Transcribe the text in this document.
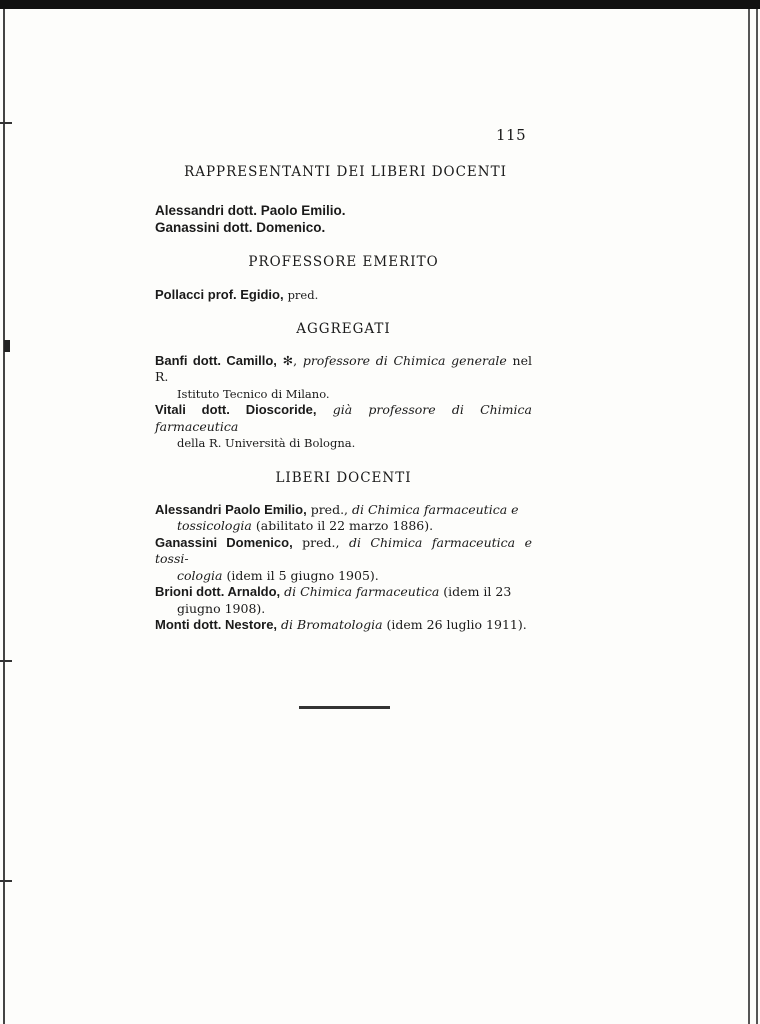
115
RAPPRESENTANTI DEI LIBERI DOCENTI
Alessandri dott. Paolo Emilio.
Ganassini dott. Domenico.
PROFESSORE EMERITO
Pollacci prof. Egidio, pred.
AGGREGATI
Banfi dott. Camillo, ✻, professore di Chimica generale nel R.
Istituto Tecnico di Milano.
Vitali dott. Dioscoride, già professore di Chimica farmaceutica
della R. Università di Bologna.
LIBERI DOCENTI
Alessandri Paolo Emilio, pred., di Chimica farmaceutica e
tossicologia (abilitato il 22 marzo 1886).
Ganassini Domenico, pred., di Chimica farmaceutica e tossi-
cologia (idem il 5 giugno 1905).
Brioni dott. Arnaldo, di Chimica farmaceutica (idem il 23
giugno 1908).
Monti dott. Nestore, di Bromatologia (idem 26 luglio 1911).
